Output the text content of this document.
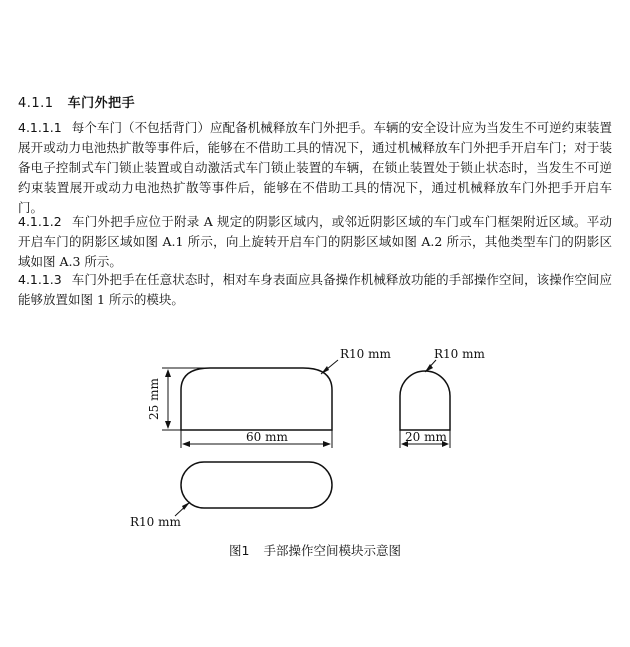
4.1.1 车门外把手

4.1.1.1 每个车门（不包括背门）应配备机械释放车门外把手。车辆的安全设计应为当发生不可逆约束装置展开或动力电池热扩散等事件后，能够在不借助工具的情况下，通过机械释放车门外把手开启车门；对于装备电子控制式车门锁止装置或自动激活式车门锁止装置的车辆，在锁止装置处于锁止状态时，当发生不可逆约束装置展开或动力电池热扩散等事件后，能够在不借助工具的情况下，通过机械释放车门外把手开启车门。

4.1.1.2 车门外把手应位于附录 A 规定的阴影区域内，或邻近阴影区域的车门或车门框架附近区域。平动开启车门的阴影区域如图 A.1 所示，向上旋转开启车门的阴影区域如图 A.2 所示，其他类型车门的阴影区域如图 A.3 所示。

4.1.1.3 车门外把手在任意状态时，相对车身表面应具备操作机械释放功能的手部操作空间，该操作空间应能够放置如图 1 所示的模块。

R10 mm
25 mm
60 mm
R10 mm
20 mm
R10 mm
图1 手部操作空间模块示意图
